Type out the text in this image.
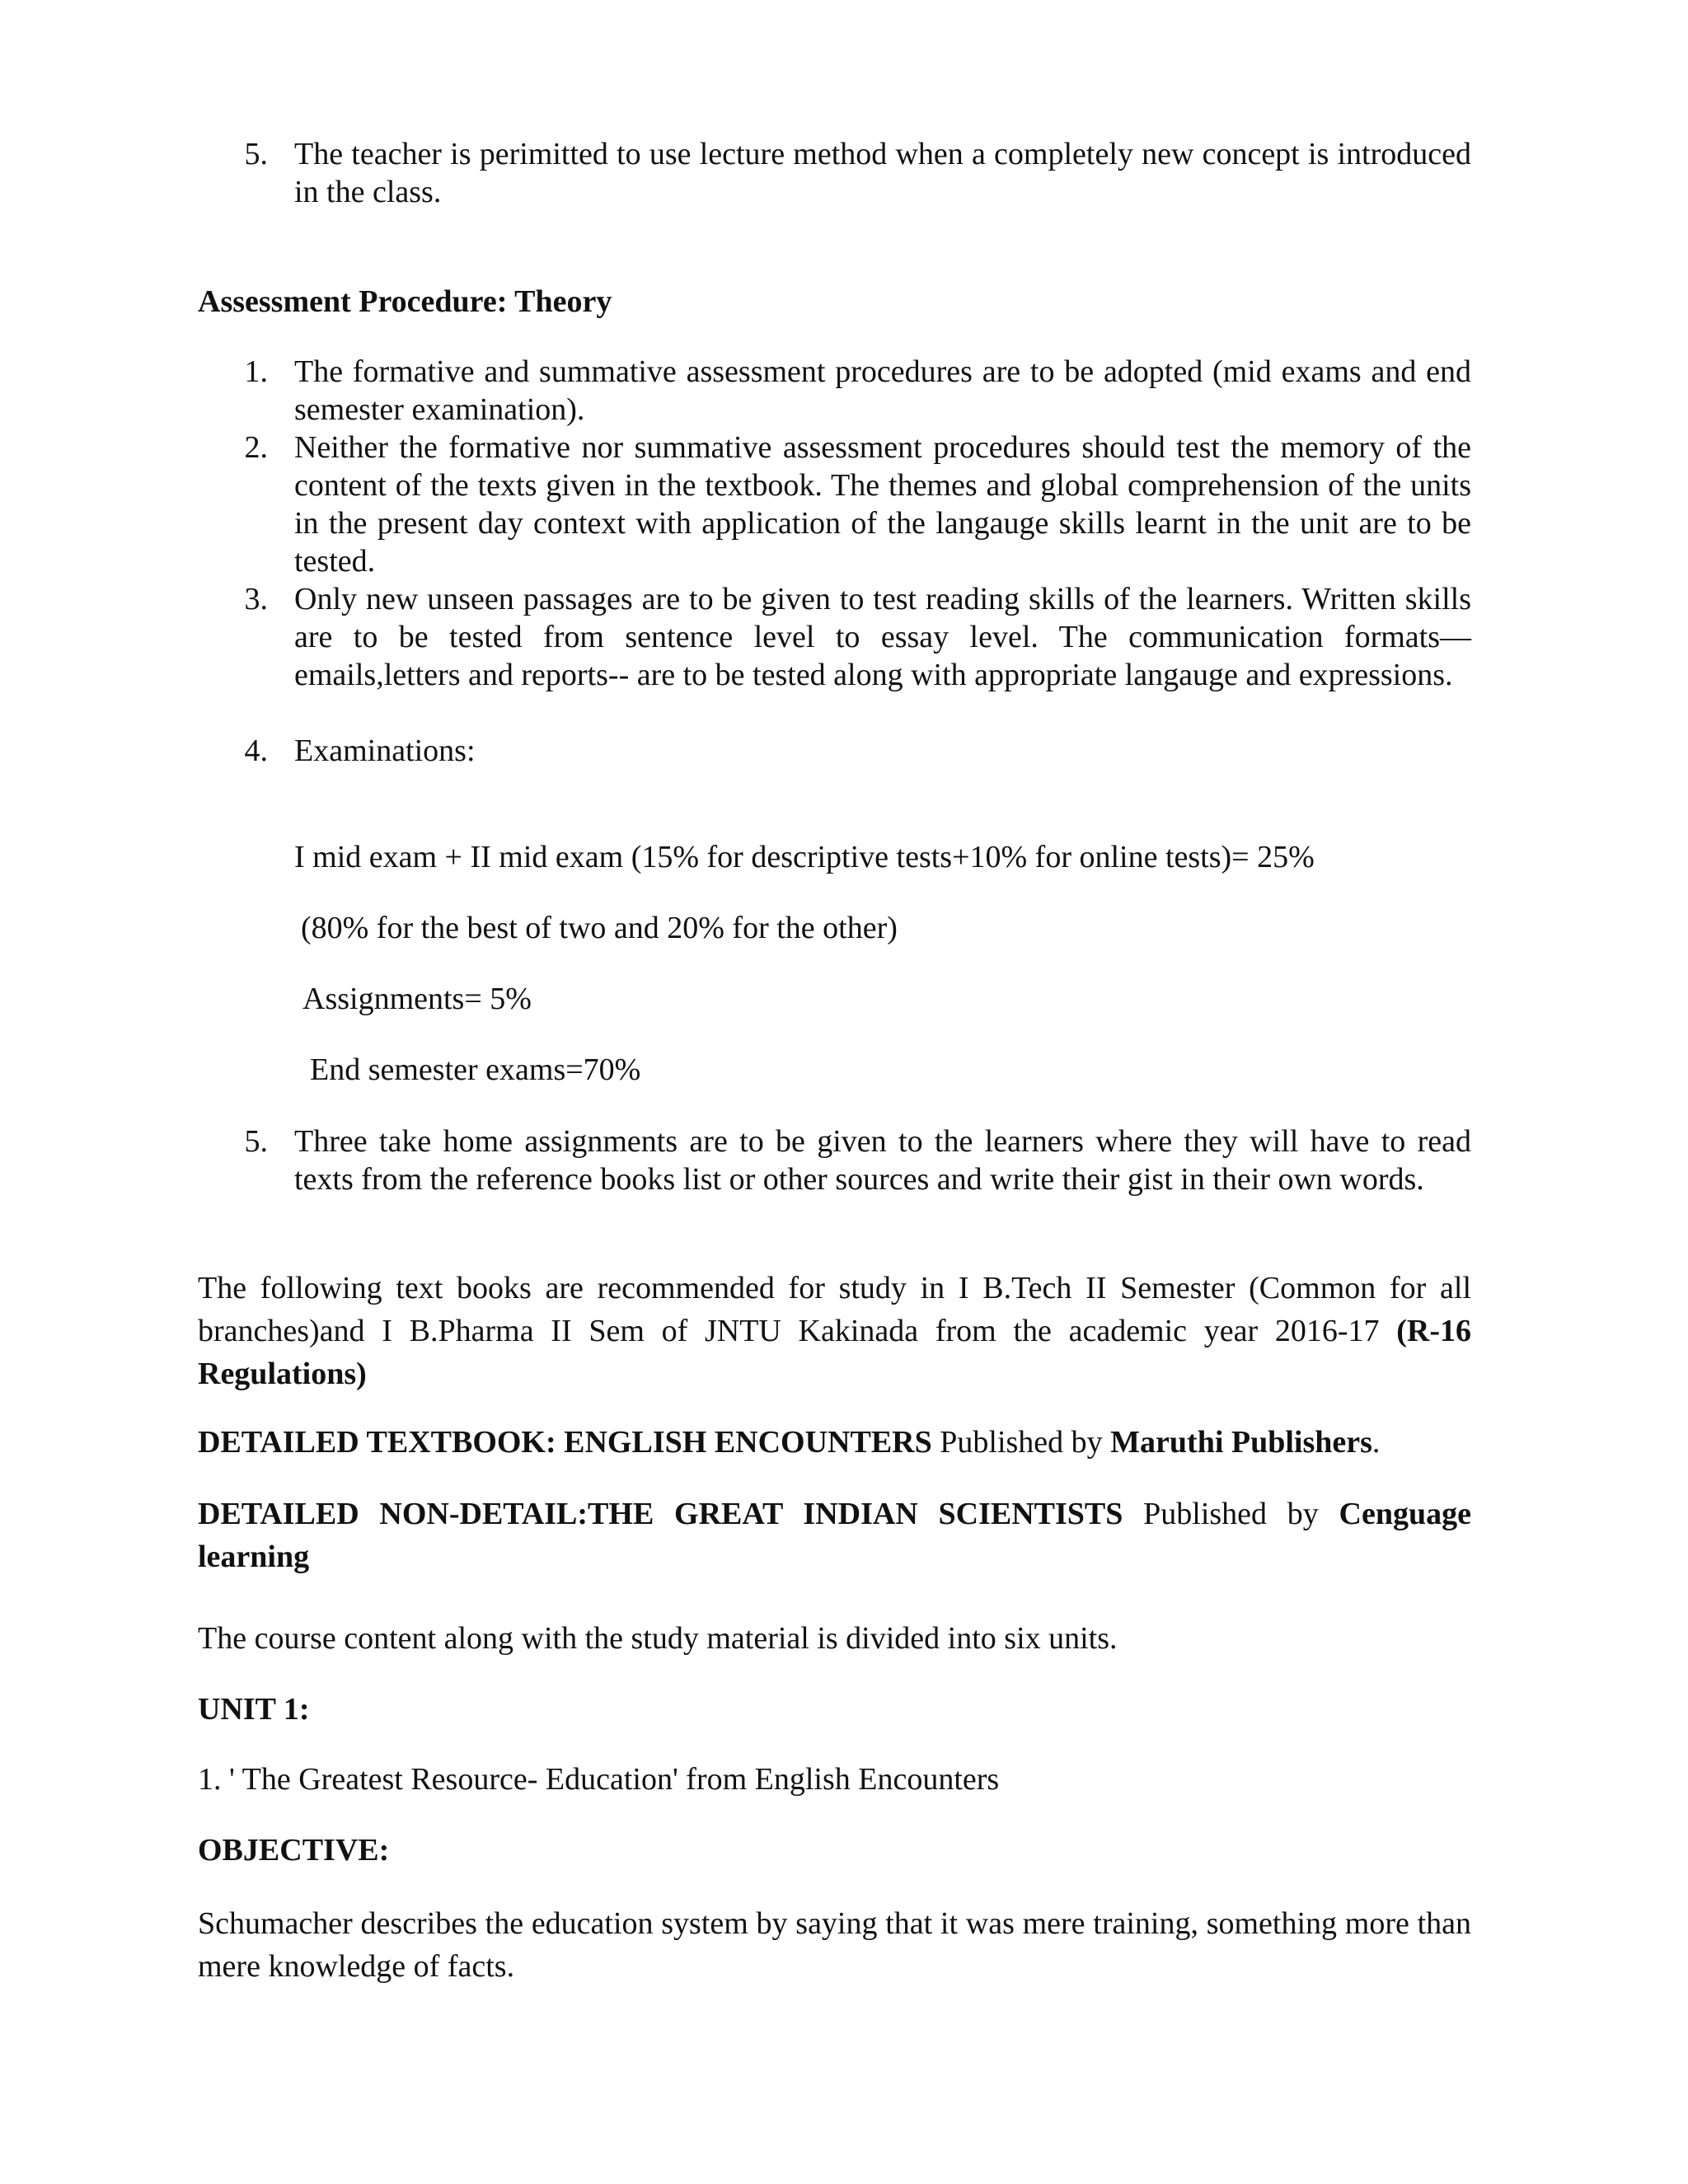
5. The teacher is perimitted to use lecture method when a completely new concept is introduced in the class.
Assessment Procedure: Theory
1. The formative and summative assessment procedures are to be adopted (mid exams and end semester examination).
2. Neither the formative nor summative assessment procedures should test the memory of the content of the texts given in the textbook. The themes and global comprehension of the units in the present day context with application of the langauge skills learnt in the unit are to be tested.
3. Only new unseen passages are to be given to test reading skills of the learners. Written skills are to be tested from sentence level to essay level. The communication formats— emails,letters and reports-- are to be tested along with appropriate langauge and expressions.
4. Examinations:
I mid exam + II mid exam (15% for descriptive tests+10% for online tests)= 25%
(80% for the best of two and 20% for the other)
Assignments= 5%
End semester exams=70%
5. Three take home assignments are to be given to the learners where they will have to read texts from the reference books list or other sources and write their gist in their own words.
The following text books are recommended for study in I B.Tech II Semester (Common for all branches)and I B.Pharma II Sem of JNTU Kakinada from the academic year 2016-17 (R-16 Regulations)
DETAILED TEXTBOOK: ENGLISH ENCOUNTERS Published by Maruthi Publishers.
DETAILED NON-DETAIL:THE GREAT INDIAN SCIENTISTS Published by Cenguage learning
The course content along with the study material is divided into six units.
UNIT 1:
1. ' The Greatest Resource- Education' from English Encounters
OBJECTIVE:
Schumacher describes the education system by saying that it was mere training, something more than mere knowledge of facts.
